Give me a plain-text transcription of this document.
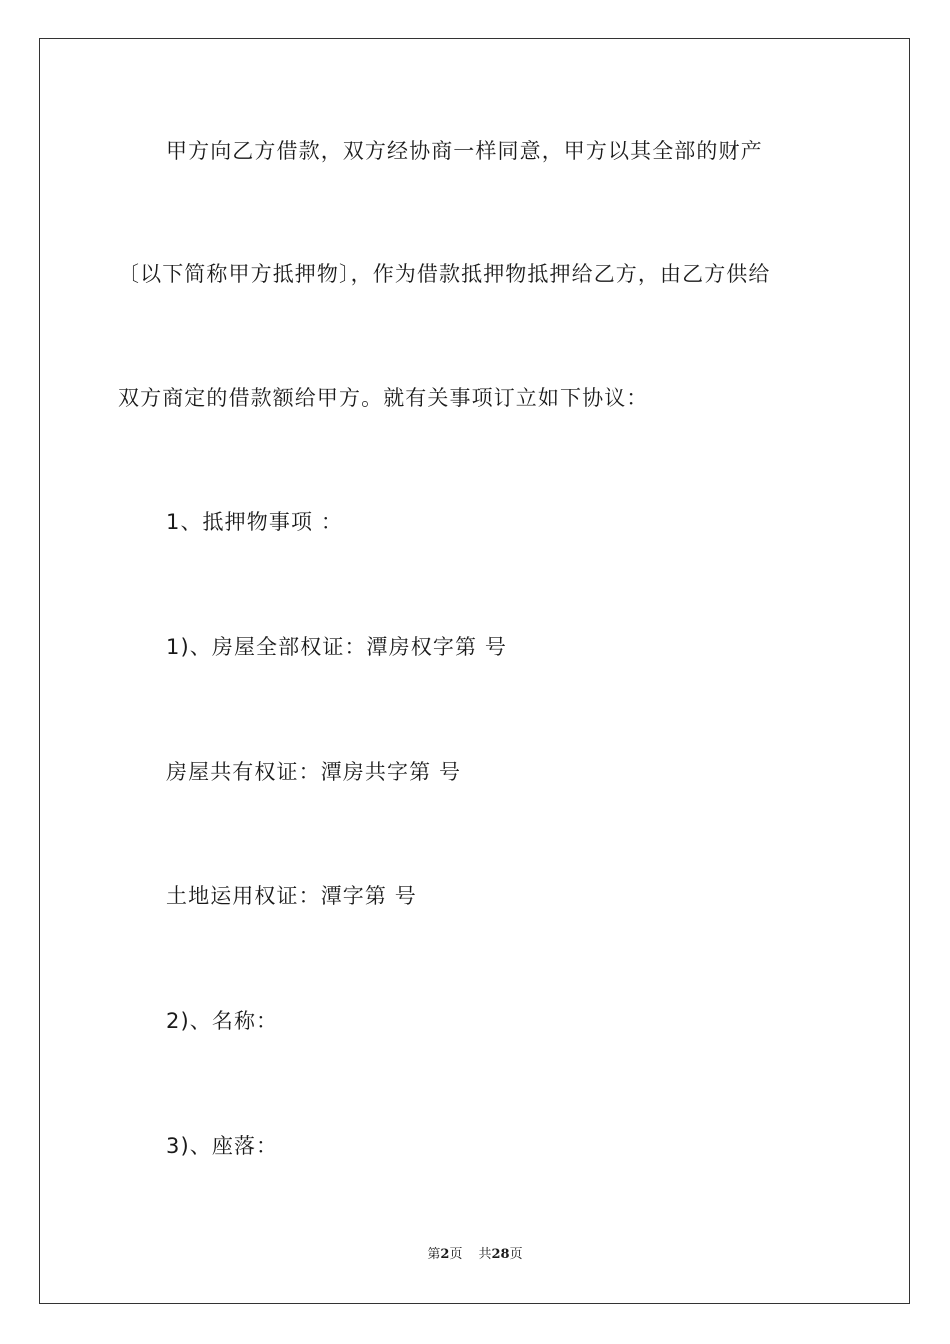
甲方向乙方借款，双方经协商一样同意，甲方以其全部的财产
〔以下简称甲方抵押物〕，作为借款抵押物抵押给乙方，由乙方供给
双方商定的借款额给甲方。就有关事项订立如下协议：
1、抵押物事项 ：
1)、房屋全部权证：潭房权字第 号
房屋共有权证：潭房共字第 号
土地运用权证：潭字第 号
2)、名称：
3)、座落：
第2页 共28页
